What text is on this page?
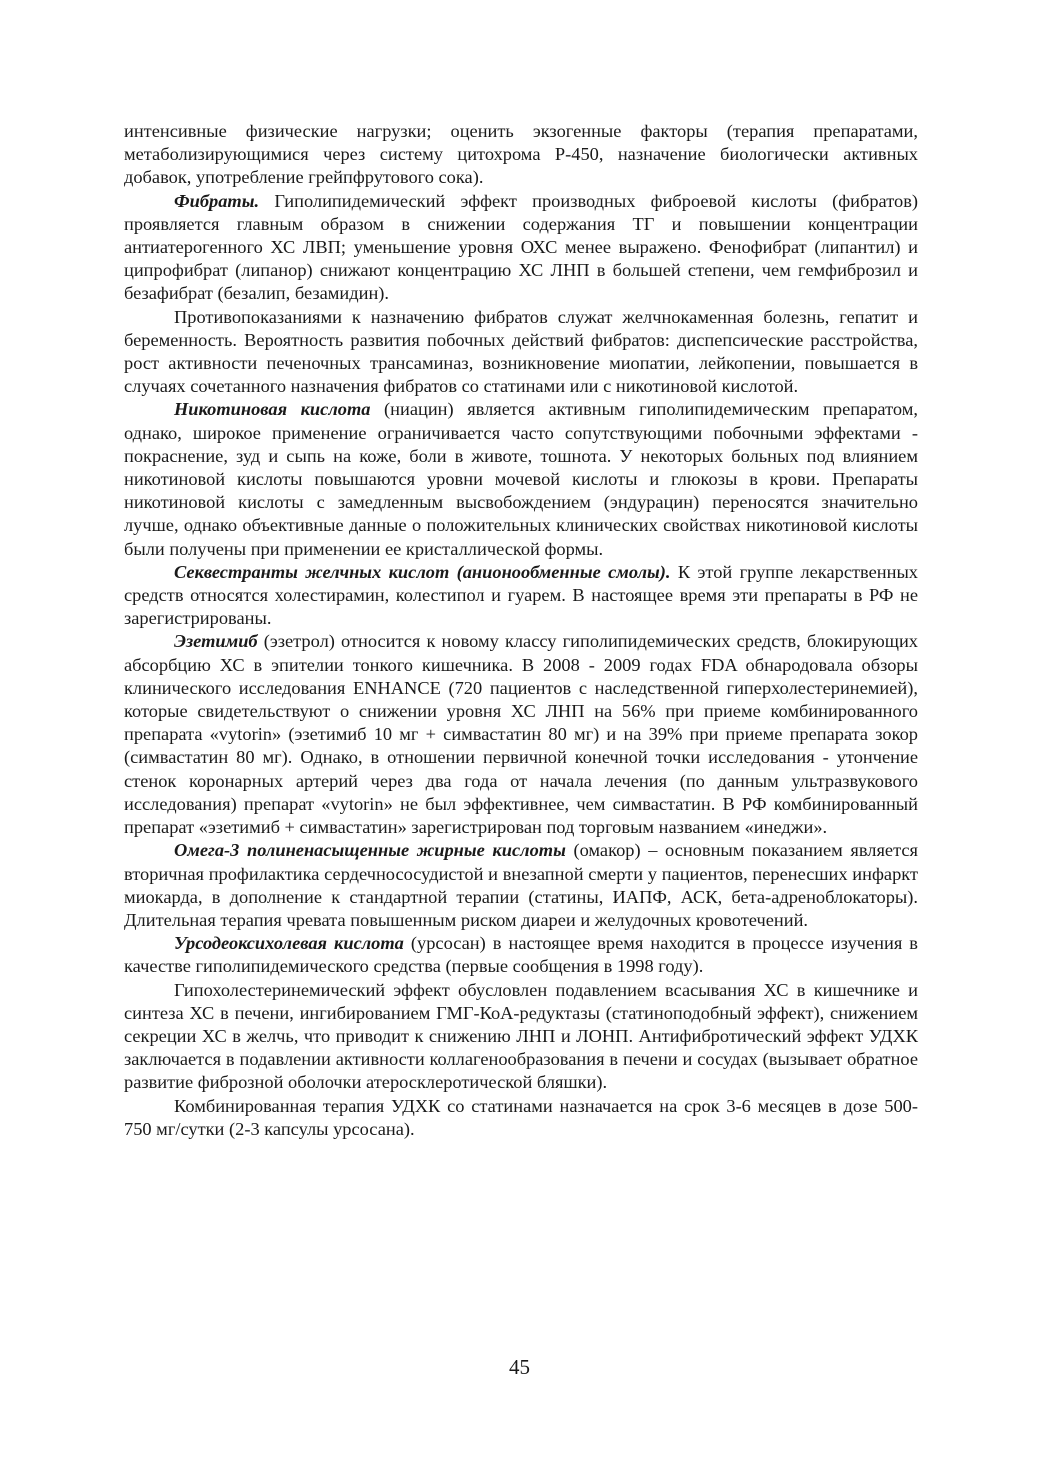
интенсивные физические нагрузки; оценить экзогенные факторы (терапия препаратами, метаболизирующимися через систему цитохрома Р-450, назначение биологически активных добавок, употребление грейпфрутового сока).

Фибраты. Гиполипидемический эффект производных фиброевой кислоты (фибратов) проявляется главным образом в снижении содержания ТГ и повышении концентрации антиатерогенного ХС ЛВП; уменьшение уровня ОХС менее выражено. Фенофибрат (липантил) и ципрофибрат (липанор) снижают концентрацию ХС ЛНП в большей степени, чем гемфиброзил и безафибрат (безалип, безамидин).

Противопоказаниями к назначению фибратов служат желчнокаменная болезнь, гепатит и беременность. Вероятность развития побочных действий фибратов: диспепсические расстройства, рост активности печеночных трансаминаз, возникновение миопатии, лейкопении, повышается в случаях сочетанного назначения фибратов со статинами или с никотиновой кислотой.

Никотиновая кислота (ниацин) является активным гиполипидемическим препаратом, однако, широкое применение ограничивается часто сопутствующими побочными эффектами - покраснение, зуд и сыпь на коже, боли в животе, тошнота. У некоторых больных под влиянием никотиновой кислоты повышаются уровни мочевой кислоты и глюкозы в крови. Препараты никотиновой кислоты с замедленным высвобождением (эндурацин) переносятся значительно лучше, однако объективные данные о положительных клинических свойствах никотиновой кислоты были получены при применении ее кристаллической формы.

Секвестранты желчных кислот (анионообменные смолы). К этой группе лекарственных средств относятся холестирамин, колестипол и гуарем. В настоящее время эти препараты в РФ не зарегистрированы.

Эзетимиб (эзетрол) относится к новому классу гиполипидемических средств, блокирующих абсорбцию ХС в эпителии тонкого кишечника. В 2008 - 2009 годах FDA обнародовала обзоры клинического исследования ENHANCE (720 пациентов с наследственной гиперхолестеринемией), которые свидетельствуют о снижении уровня ХС ЛНП на 56% при приеме комбинированного препарата «vytorin» (эзетимиб 10 мг + симвастатин 80 мг) и на 39% при приеме препарата зокор (симвастатин 80 мг). Однако, в отношении первичной конечной точки исследования - утончение стенок коронарных артерий через два года от начала лечения (по данным ультразвукового исследования) препарат «vytorin» не был эффективнее, чем симвастатин. В РФ комбинированный препарат «эзетимиб + симвастатин» зарегистрирован под торговым названием «инеджи».

Омега-3 полиненасыщенные жирные кислоты (омакор) – основным показанием является вторичная профилактика сердечнососудистой и внезапной смерти у пациентов, перенесших инфаркт миокарда, в дополнение к стандартной терапии (статины, ИАПФ, АСК, бета-адреноблокаторы). Длительная терапия чревата повышенным риском диареи и желудочных кровотечений.

Урсодеоксихолевая кислота (урсосан) в настоящее время находится в процессе изучения в качестве гиполипидемического средства (первые сообщения в 1998 году).

Гипохолестеринемический эффект обусловлен подавлением всасывания ХС в кишечнике и синтеза ХС в печени, ингибированием ГМГ-КоА-редуктазы (статиноподобный эффект), снижением секреции ХС в желчь, что приводит к снижению ЛНП и ЛОНП. Антифибротический эффект УДХК заключается в подавлении активности коллагенообразования в печени и сосудах (вызывает обратное развитие фиброзной оболочки атеросклеротической бляшки).

Комбинированная терапия УДХК со статинами назначается на срок 3-6 месяцев в дозе 500- 750 мг/сутки (2-3 капсулы урсосана).

45
